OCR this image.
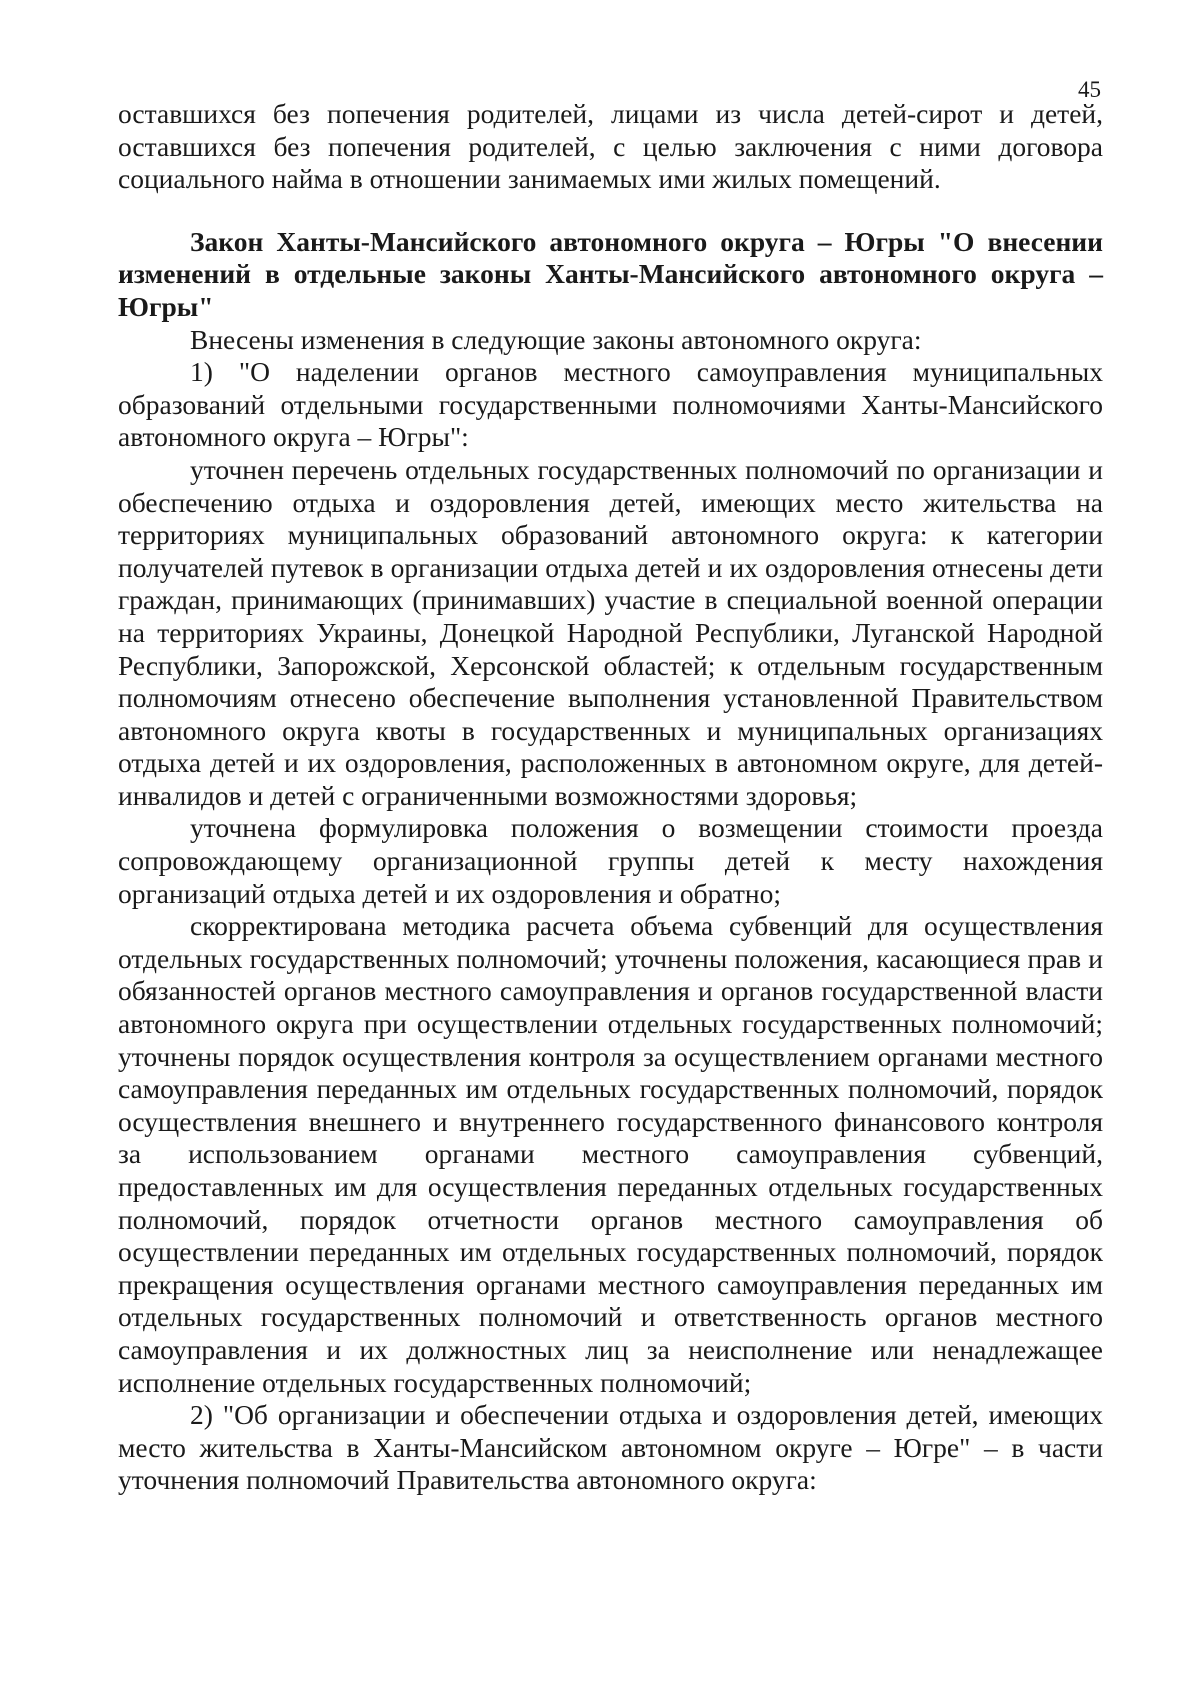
45

оставшихся без попечения родителей, лицами из числа детей-сирот и детей, оставшихся без попечения родителей, с целью заключения с ними договора социального найма в отношении занимаемых ими жилых помещений.

Закон Ханты-Мансийского автономного округа – Югры "О внесении изменений в отдельные законы Ханты-Мансийского автономного округа – Югры"

Внесены изменения в следующие законы автономного округа:

1) "О наделении органов местного самоуправления муниципальных образований отдельными государственными полномочиями Ханты-Мансийского автономного округа – Югры":

уточнен перечень отдельных государственных полномочий по организации и обеспечению отдыха и оздоровления детей, имеющих место жительства на территориях муниципальных образований автономного округа: к категории получателей путевок в организации отдыха детей и их оздоровления отнесены дети граждан, принимающих (принимавших) участие в специальной военной операции на территориях Украины, Донецкой Народной Республики, Луганской Народной Республики, Запорожской, Херсонской областей; к отдельным государственным полномочиям отнесено обеспечение выполнения установленной Правительством автономного округа квоты в государственных и муниципальных организациях отдыха детей и их оздоровления, расположенных в автономном округе, для детей-инвалидов и детей с ограниченными возможностями здоровья;

уточнена формулировка положения о возмещении стоимости проезда сопровождающему организационной группы детей к месту нахождения организаций отдыха детей и их оздоровления и обратно;

скорректирована методика расчета объема субвенций для осуществления отдельных государственных полномочий; уточнены положения, касающиеся прав и обязанностей органов местного самоуправления и органов государственной власти автономного округа при осуществлении отдельных государственных полномочий; уточнены порядок осуществления контроля за осуществлением органами местного самоуправления переданных им отдельных государственных полномочий, порядок осуществления внешнего и внутреннего государственного финансового контроля за использованием органами местного самоуправления субвенций, предоставленных им для осуществления переданных отдельных государственных полномочий, порядок отчетности органов местного самоуправления об осуществлении переданных им отдельных государственных полномочий, порядок прекращения осуществления органами местного самоуправления переданных им отдельных государственных полномочий и ответственность органов местного самоуправления и их должностных лиц за неисполнение или ненадлежащее исполнение отдельных государственных полномочий;

2) "Об организации и обеспечении отдыха и оздоровления детей, имеющих место жительства в Ханты-Мансийском автономном округе – Югре" – в части уточнения полномочий Правительства автономного округа:
